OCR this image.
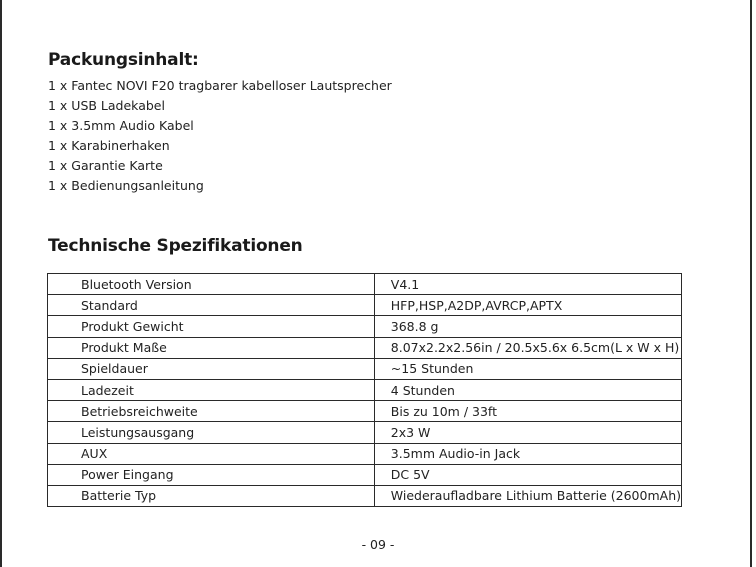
Packungsinhalt:
1 x Fantec NOVI F20 tragbarer kabelloser Lautsprecher
1 x USB Ladekabel
1 x 3.5mm Audio Kabel
1 x Karabinerhaken
1 x Garantie Karte
1 x Bedienungsanleitung
Technische Spezifikationen
Bluetooth Version	V4.1
Standard	HFP,HSP,A2DP,AVRCP,APTX
Produkt Gewicht	368.8 g
Produkt Maße	8.07x2.2x2.56in / 20.5x5.6x 6.5cm(L x W x H)
Spieldauer	~15 Stunden
Ladezeit	4 Stunden
Betriebsreichweite	Bis zu 10m / 33ft
Leistungsausgang	2x3 W
AUX	3.5mm Audio-in Jack
Power Eingang	DC 5V
Batterie Typ	Wiederaufladbare Lithium Batterie (2600mAh)
- 09 -
